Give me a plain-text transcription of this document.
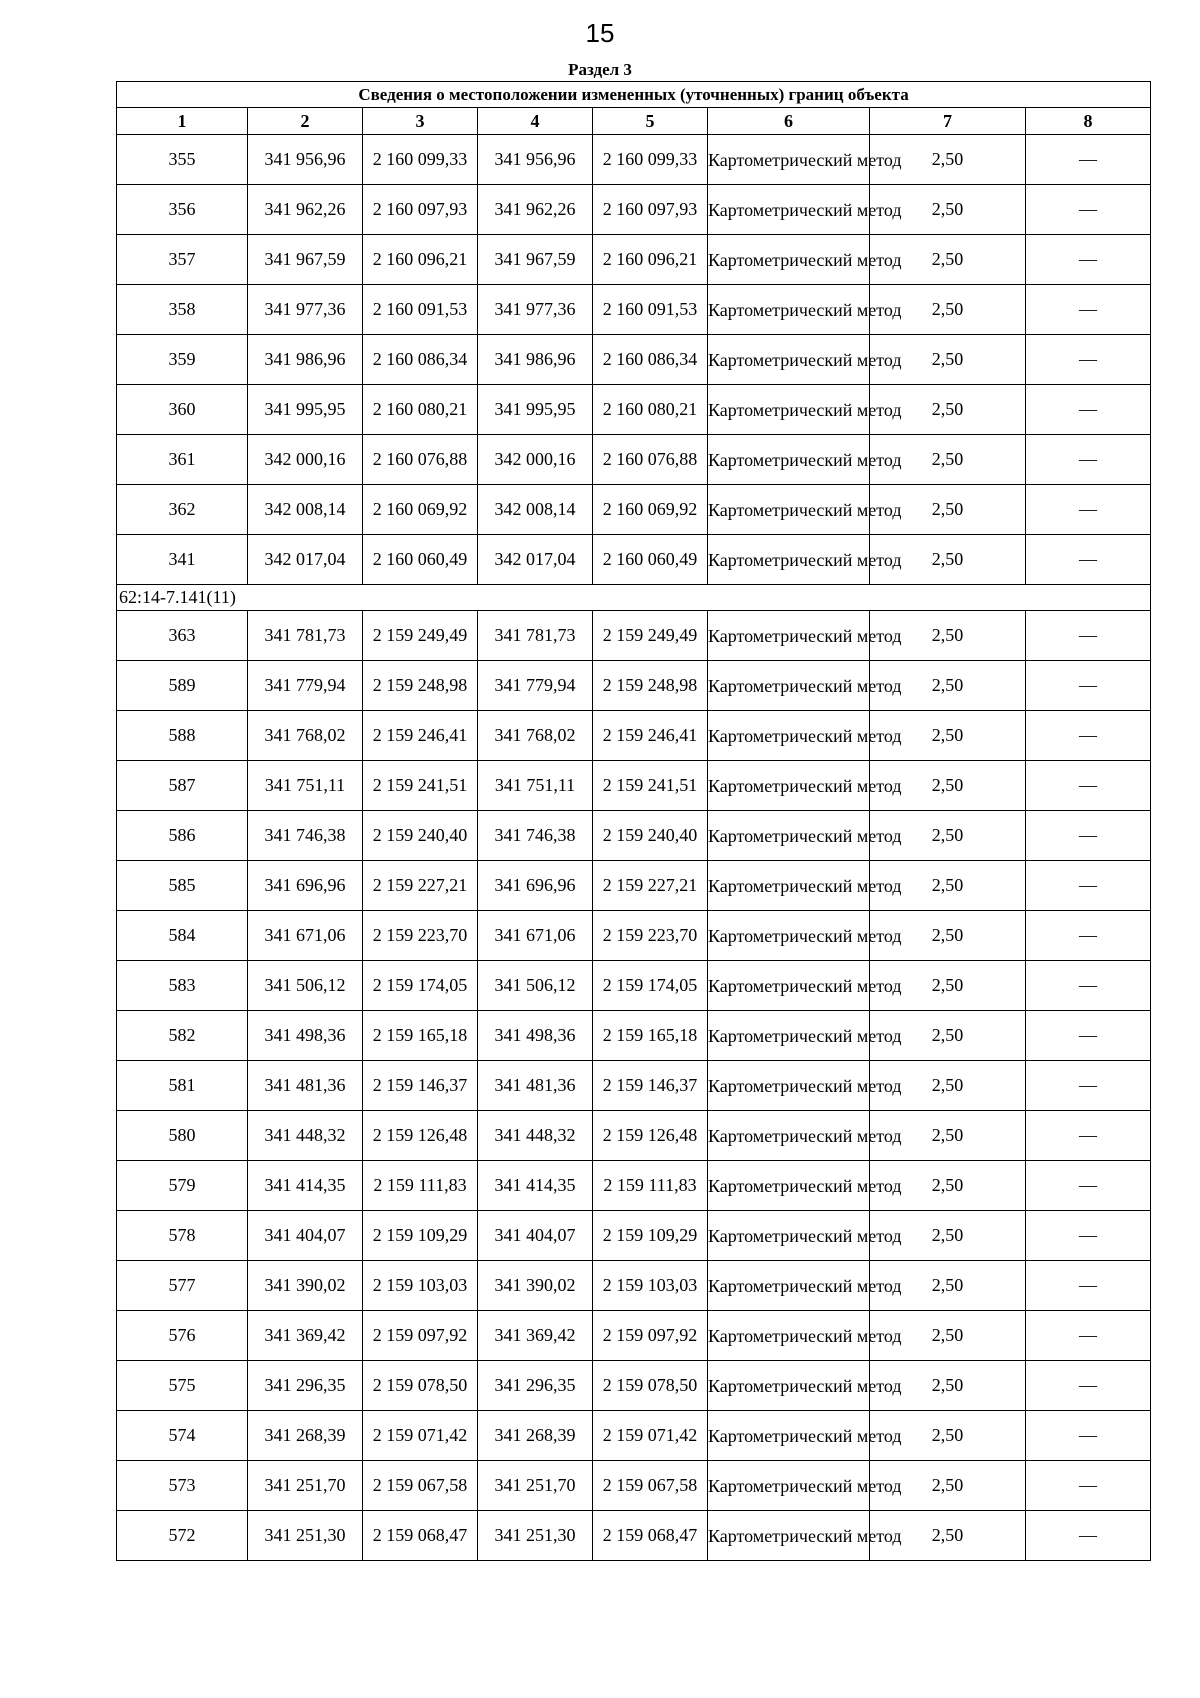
15
Раздел 3
Сведения о местоположении измененных (уточненных) границ объекта							
1	2	3	4	5	6	7	8
355	341 956,96	2 160 099,33	341 956,96	2 160 099,33	Картометрический метод	2,50	—
356	341 962,26	2 160 097,93	341 962,26	2 160 097,93	Картометрический метод	2,50	—
357	341 967,59	2 160 096,21	341 967,59	2 160 096,21	Картометрический метод	2,50	—
358	341 977,36	2 160 091,53	341 977,36	2 160 091,53	Картометрический метод	2,50	—
359	341 986,96	2 160 086,34	341 986,96	2 160 086,34	Картометрический метод	2,50	—
360	341 995,95	2 160 080,21	341 995,95	2 160 080,21	Картометрический метод	2,50	—
361	342 000,16	2 160 076,88	342 000,16	2 160 076,88	Картометрический метод	2,50	—
362	342 008,14	2 160 069,92	342 008,14	2 160 069,92	Картометрический метод	2,50	—
341	342 017,04	2 160 060,49	342 017,04	2 160 060,49	Картометрический метод	2,50	—
62:14-7.141(11)							
363	341 781,73	2 159 249,49	341 781,73	2 159 249,49	Картометрический метод	2,50	—
589	341 779,94	2 159 248,98	341 779,94	2 159 248,98	Картометрический метод	2,50	—
588	341 768,02	2 159 246,41	341 768,02	2 159 246,41	Картометрический метод	2,50	—
587	341 751,11	2 159 241,51	341 751,11	2 159 241,51	Картометрический метод	2,50	—
586	341 746,38	2 159 240,40	341 746,38	2 159 240,40	Картометрический метод	2,50	—
585	341 696,96	2 159 227,21	341 696,96	2 159 227,21	Картометрический метод	2,50	—
584	341 671,06	2 159 223,70	341 671,06	2 159 223,70	Картометрический метод	2,50	—
583	341 506,12	2 159 174,05	341 506,12	2 159 174,05	Картометрический метод	2,50	—
582	341 498,36	2 159 165,18	341 498,36	2 159 165,18	Картометрический метод	2,50	—
581	341 481,36	2 159 146,37	341 481,36	2 159 146,37	Картометрический метод	2,50	—
580	341 448,32	2 159 126,48	341 448,32	2 159 126,48	Картометрический метод	2,50	—
579	341 414,35	2 159 111,83	341 414,35	2 159 111,83	Картометрический метод	2,50	—
578	341 404,07	2 159 109,29	341 404,07	2 159 109,29	Картометрический метод	2,50	—
577	341 390,02	2 159 103,03	341 390,02	2 159 103,03	Картометрический метод	2,50	—
576	341 369,42	2 159 097,92	341 369,42	2 159 097,92	Картометрический метод	2,50	—
575	341 296,35	2 159 078,50	341 296,35	2 159 078,50	Картометрический метод	2,50	—
574	341 268,39	2 159 071,42	341 268,39	2 159 071,42	Картометрический метод	2,50	—
573	341 251,70	2 159 067,58	341 251,70	2 159 067,58	Картометрический метод	2,50	—
572	341 251,30	2 159 068,47	341 251,30	2 159 068,47	Картометрический метод	2,50	—
